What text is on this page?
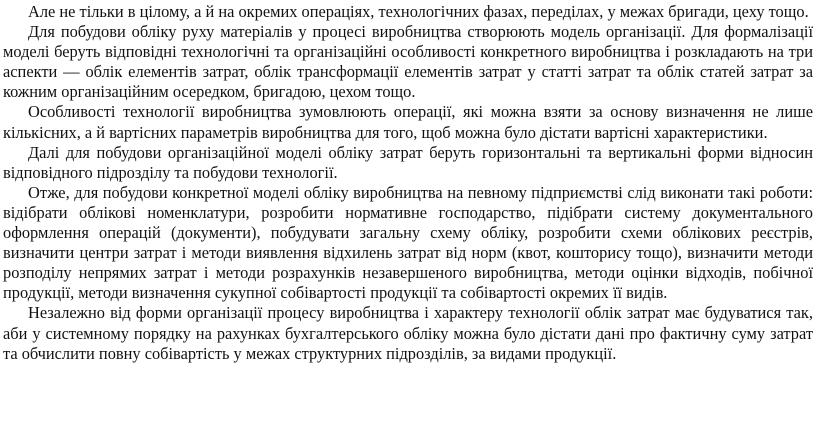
Але не тільки в цілому, а й на окремих операціях, технологічних фазах, переділах, у межах бригади, цеху тощо.

Для побудови обліку руху матеріалів у процесі виробництва створюють модель організації. Для формалізації моделі беруть відповідні технологічні та організаційні особливості конкретного виробництва і розкладають на три аспекти — облік елементів затрат, облік трансформації елементів затрат у статті затрат та облік статей затрат за кожним організаційним осередком, бригадою, цехом тощо.

Особливості технології виробництва зумовлюють операції, які можна взяти за основу визначення не лише кількісних, а й вартісних параметрів виробництва для того, щоб можна було дістати вартісні характеристики.

Далі для побудови організаційної моделі обліку затрат беруть горизонтальні та вертикальні форми відносин відповідного підрозділу та побудови технології.

Отже, для побудови конкретної моделі обліку виробництва на певному підприємстві слід виконати такі роботи: відібрати облікові номенклатури, розробити нормативне господарство, підібрати систему документального оформлення операцій (документи), побудувати загальну схему обліку, розробити схеми облікових реєстрів, визначити центри затрат і методи виявлення відхилень затрат від норм (квот, кошторису тощо), визначити методи розподілу непрямих затрат і методи розрахунків незавершеного виробництва, методи оцінки відходів, побічної продукції, методи визначення сукупної собівартості продукції та собівартості окремих її видів.

Незалежно від форми організації процесу виробництва і характеру технології облік затрат має будуватися так, аби у системному порядку на рахунках бухгалтерського обліку можна було дістати дані про фактичну суму затрат та обчислити повну собівартість у межах структурних підрозділів, за видами продукції.
